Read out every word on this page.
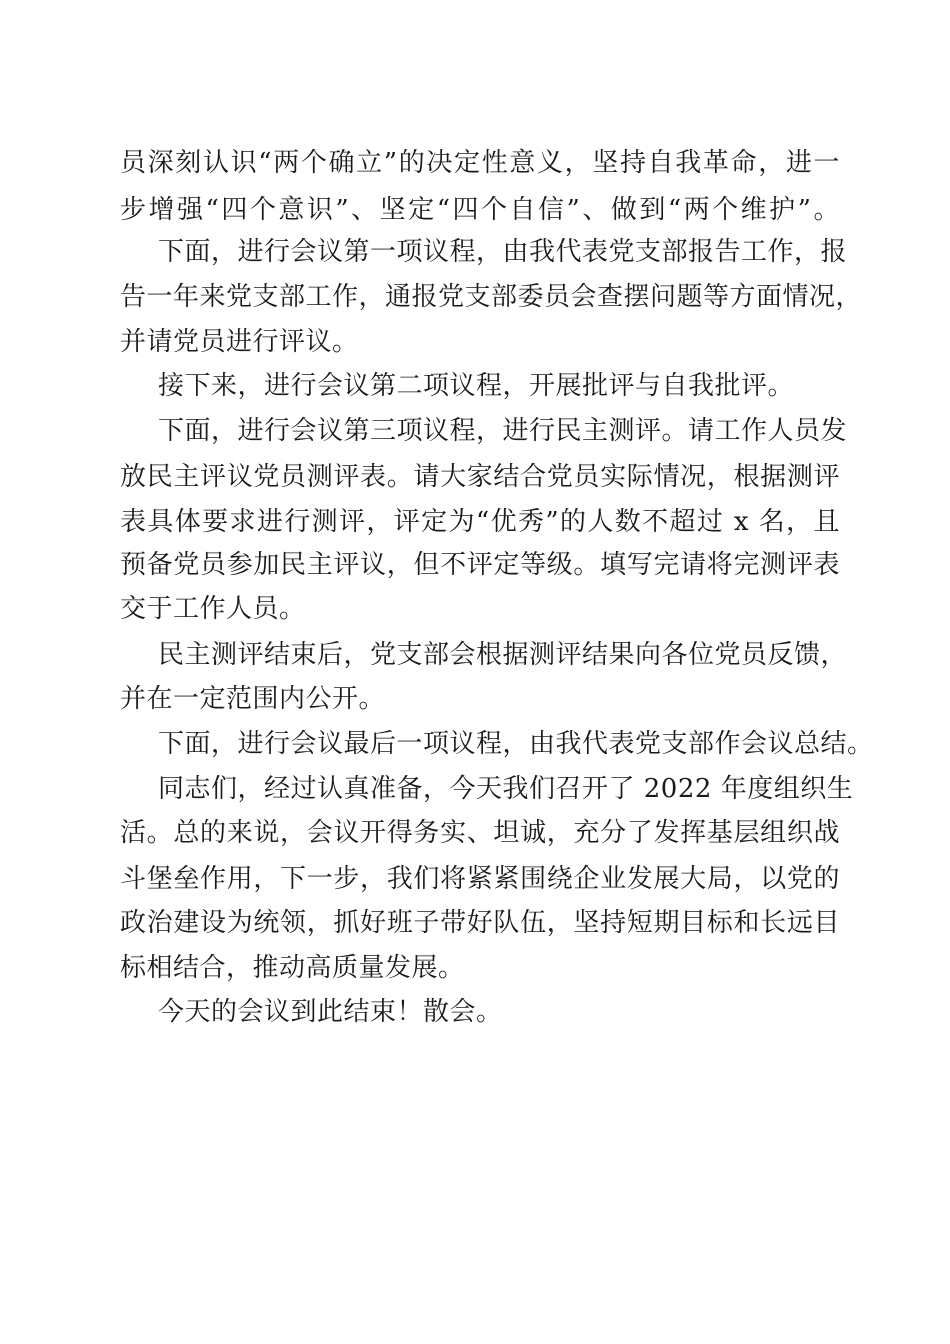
员深刻认识“两个确立”的决定性意义，坚持自我革命，进一
步增强“四个意识”、坚定“四个自信”、做到“两个维护”。
下面，进行会议第一项议程，由我代表党支部报告工作，报
告一年来党支部工作，通报党支部委员会查摆问题等方面情况，
并请党员进行评议。
接下来，进行会议第二项议程，开展批评与自我批评。
下面，进行会议第三项议程，进行民主测评。请工作人员发
放民主评议党员测评表。请大家结合党员实际情况，根据测评
表具体要求进行测评，评定为“优秀”的人数不超过 x 名，且
预备党员参加民主评议，但不评定等级。填写完请将完测评表
交于工作人员。
民主测评结束后，党支部会根据测评结果向各位党员反馈，
并在一定范围内公开。
下面，进行会议最后一项议程，由我代表党支部作会议总结。
同志们，经过认真准备，今天我们召开了 2022 年度组织生
活。总的来说，会议开得务实、坦诚，充分了发挥基层组织战
斗堡垒作用，下一步，我们将紧紧围绕企业发展大局，以党的
政治建设为统领，抓好班子带好队伍，坚持短期目标和长远目
标相结合，推动高质量发展。
今天的会议到此结束！散会。
